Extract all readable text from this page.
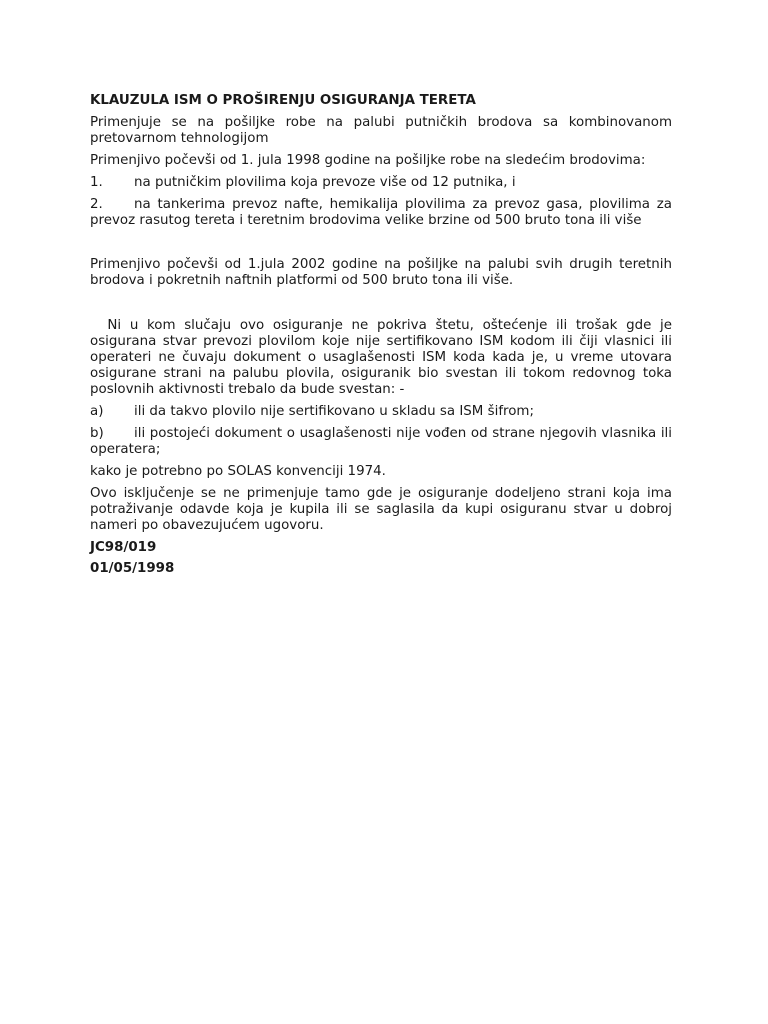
KLAUZULA ISM O PROŠIRENJU OSIGURANJA TERETA
Primenjuje se na pošiljke robe na palubi putničkih brodova sa kombinovanom pretovarnom tehnologijom
Primenjivo počevši od 1. jula 1998 godine na pošiljke robe na sledećim brodovima:
1.	na putničkim plovilima koja prevoze više od 12 putnika, i
2. na tankerima prevoz nafte, hemikalija plovilima za prevoz gasa, plovilima za prevoz rasutog tereta i teretnim brodovima velike brzine od 500 bruto tona ili više
Primenjivo počevši od 1.jula 2002 godine na pošiljke na palubi svih drugih teretnih brodova i pokretnih naftnih platformi od 500 bruto tona ili više.
Ni u kom slučaju ovo osiguranje ne pokriva štetu, oštećenje ili trošak gde je osigurana stvar prevozi plovilom koje nije sertifikovano ISM kodom ili čiji vlasnici ili operateri ne čuvaju dokument o usaglašenosti ISM koda kada je, u vreme utovara osigurane strani na palubu plovila, osiguranik bio svestan ili tokom redovnog toka poslovnih aktivnosti trebalo da bude svestan: -
a)	ili da takvo plovilo nije sertifikovano u skladu sa ISM šifrom;
b) ili postojeći dokument o usaglašenosti nije vođen od strane njegovih vlasnika ili operatera;
kako je potrebno po SOLAS konvenciji 1974.
Ovo isključenje se ne primenjuje tamo gde je osiguranje dodeljeno strani koja ima potraživanje odavde koja je kupila ili se saglasila da kupi osiguranu stvar u dobroj nameri po obavezujućem ugovoru.
JC98/019
01/05/1998
